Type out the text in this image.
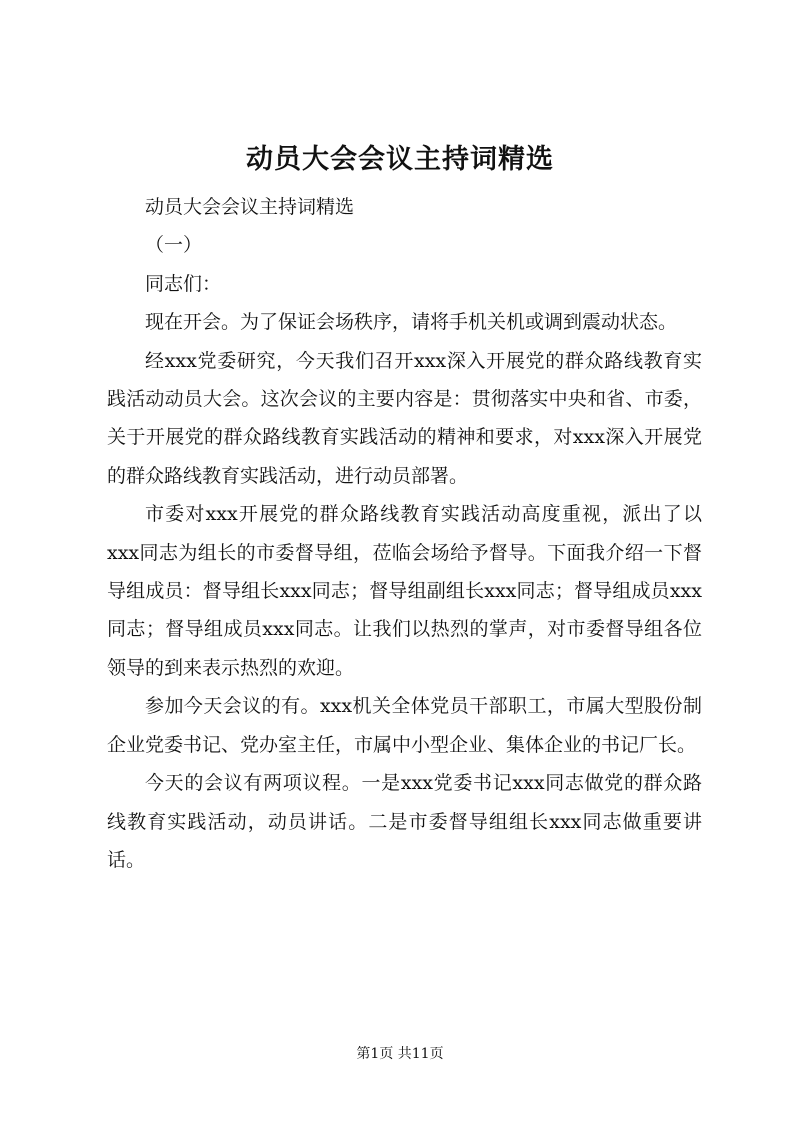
动员大会会议主持词精选

动员大会会议主持词精选

（一）

同志们：

现在开会。为了保证会场秩序，请将手机关机或调到震动状态。

经xxx党委研究，今天我们召开xxx深入开展党的群众路线教育实践活动动员大会。这次会议的主要内容是：贯彻落实中央和省、市委，关于开展党的群众路线教育实践活动的精神和要求，对xxx深入开展党的群众路线教育实践活动，进行动员部署。

市委对xxx开展党的群众路线教育实践活动高度重视，派出了以xxx同志为组长的市委督导组，莅临会场给予督导。下面我介绍一下督导组成员：督导组长xxx同志；督导组副组长xxx同志；督导组成员xxx同志；督导组成员xxx同志。让我们以热烈的掌声，对市委督导组各位领导的到来表示热烈的欢迎。

参加今天会议的有。xxx机关全体党员干部职工，市属大型股份制企业党委书记、党办室主任，市属中小型企业、集体企业的书记厂长。

今天的会议有两项议程。一是xxx党委书记xxx同志做党的群众路线教育实践活动，动员讲话。二是市委督导组组长xxx同志做重要讲话。

第1页 共11页
